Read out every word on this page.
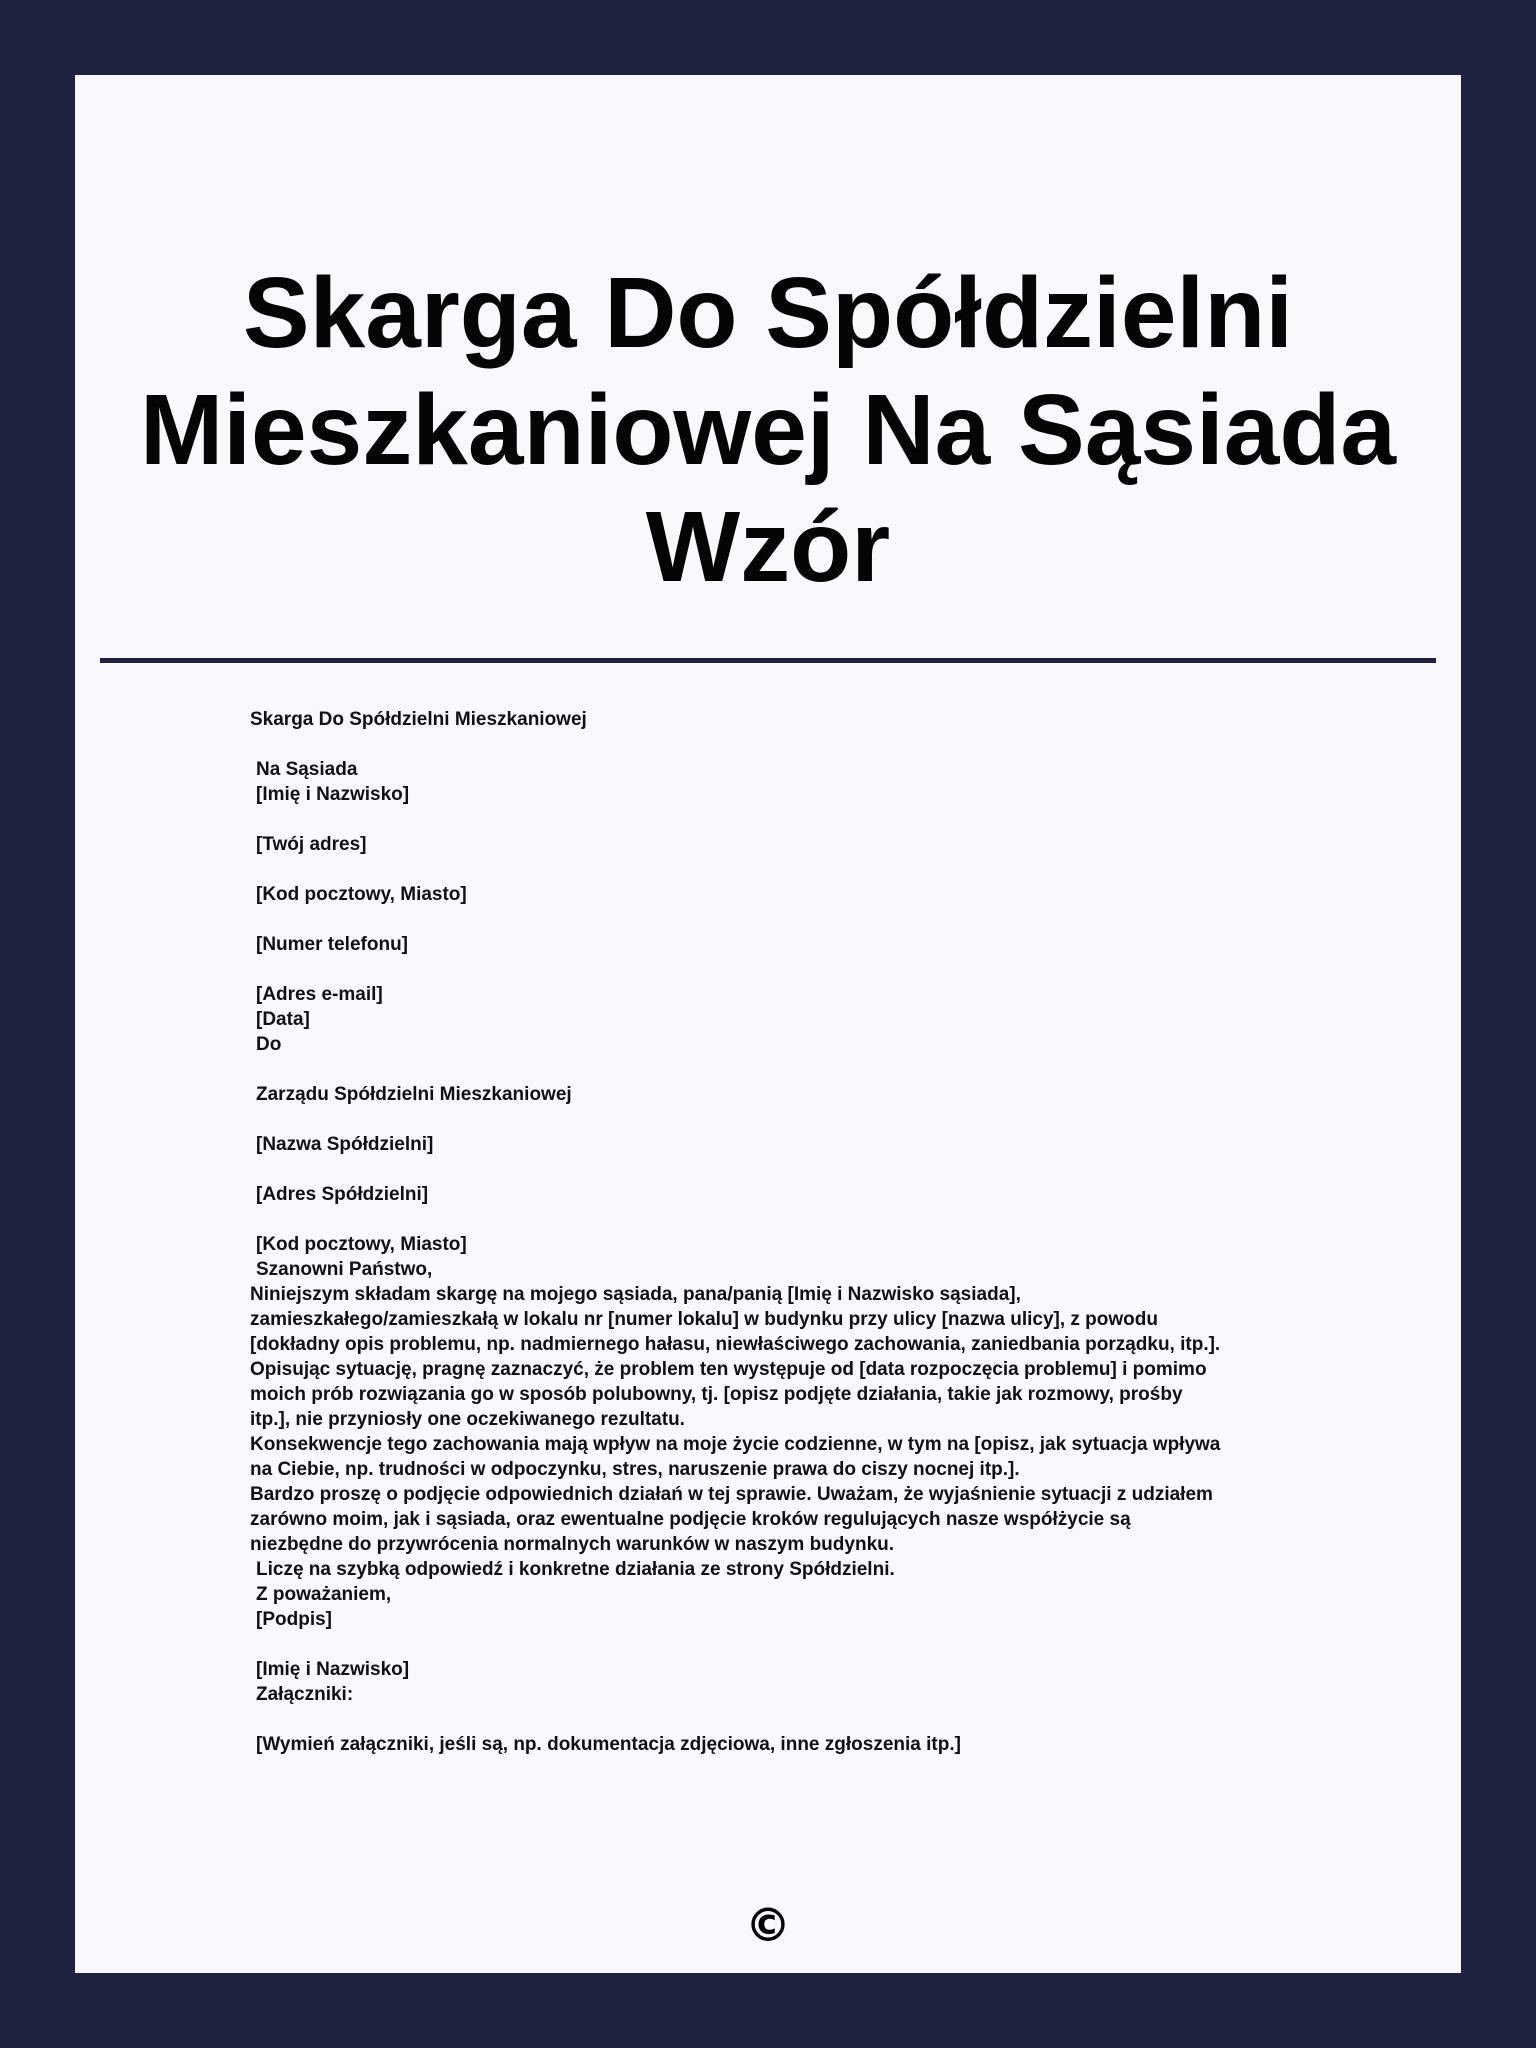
Skarga Do Spółdzielni
Mieszkaniowej Na Sąsiada
Wzór
Skarga Do Spółdzielni Mieszkaniowej
Na Sąsiada
[Imię i Nazwisko]
[Twój adres]
[Kod pocztowy, Miasto]
[Numer telefonu]
[Adres e-mail]
[Data]
Do
Zarządu Spółdzielni Mieszkaniowej
[Nazwa Spółdzielni]
[Adres Spółdzielni]
[Kod pocztowy, Miasto]
Szanowni Państwo,
Niniejszym składam skargę na mojego sąsiada, pana/panią [Imię i Nazwisko sąsiada],
zamieszkałego/zamieszkałą w lokalu nr [numer lokalu] w budynku przy ulicy [nazwa ulicy], z powodu
[dokładny opis problemu, np. nadmiernego hałasu, niewłaściwego zachowania, zaniedbania porządku, itp.].
Opisując sytuację, pragnę zaznaczyć, że problem ten występuje od [data rozpoczęcia problemu] i pomimo
moich prób rozwiązania go w sposób polubowny, tj. [opisz podjęte działania, takie jak rozmowy, prośby
itp.], nie przyniosły one oczekiwanego rezultatu.
Konsekwencje tego zachowania mają wpływ na moje życie codzienne, w tym na [opisz, jak sytuacja wpływa
na Ciebie, np. trudności w odpoczynku, stres, naruszenie prawa do ciszy nocnej itp.].
Bardzo proszę o podjęcie odpowiednich działań w tej sprawie. Uważam, że wyjaśnienie sytuacji z udziałem
zarówno moim, jak i sąsiada, oraz ewentualne podjęcie kroków regulujących nasze współżycie są
niezbędne do przywrócenia normalnych warunków w naszym budynku.
Liczę na szybką odpowiedź i konkretne działania ze strony Spółdzielni.
Z poważaniem,
[Podpis]
[Imię i Nazwisko]
Załączniki:
[Wymień załączniki, jeśli są, np. dokumentacja zdjęciowa, inne zgłoszenia itp.]
©
